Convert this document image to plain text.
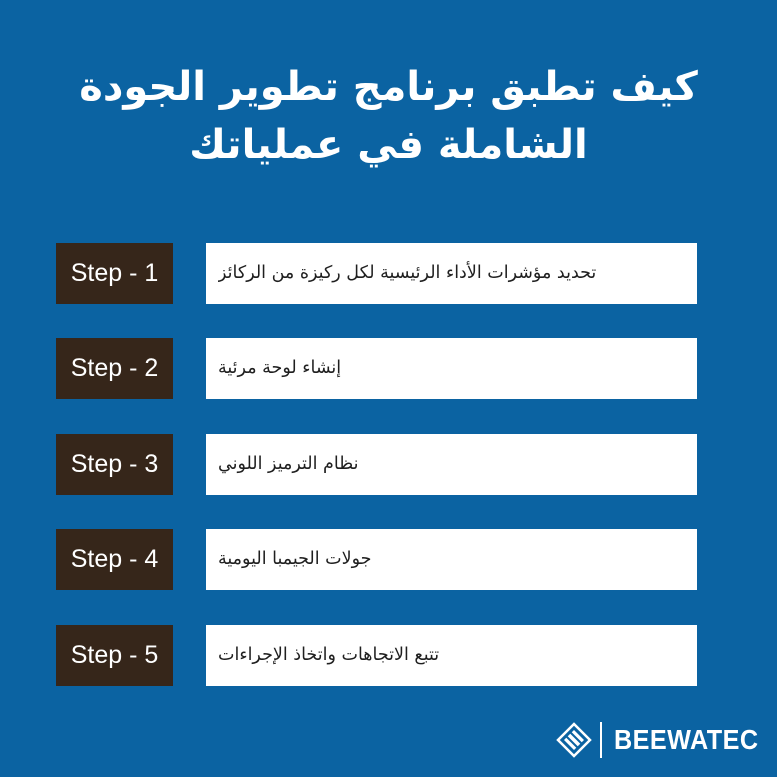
كيف تطبق برنامج تطوير الجودة
الشاملة في عملياتك
Step - 1	تحديد مؤشرات الأداء الرئيسية لكل ركيزة من الركائز
Step - 2	إنشاء لوحة مرئية
Step - 3	نظام الترميز اللوني
Step - 4	جولات الجيمبا اليومية
Step - 5	تتبع الاتجاهات واتخاذ الإجراءات
BEEWATEC
